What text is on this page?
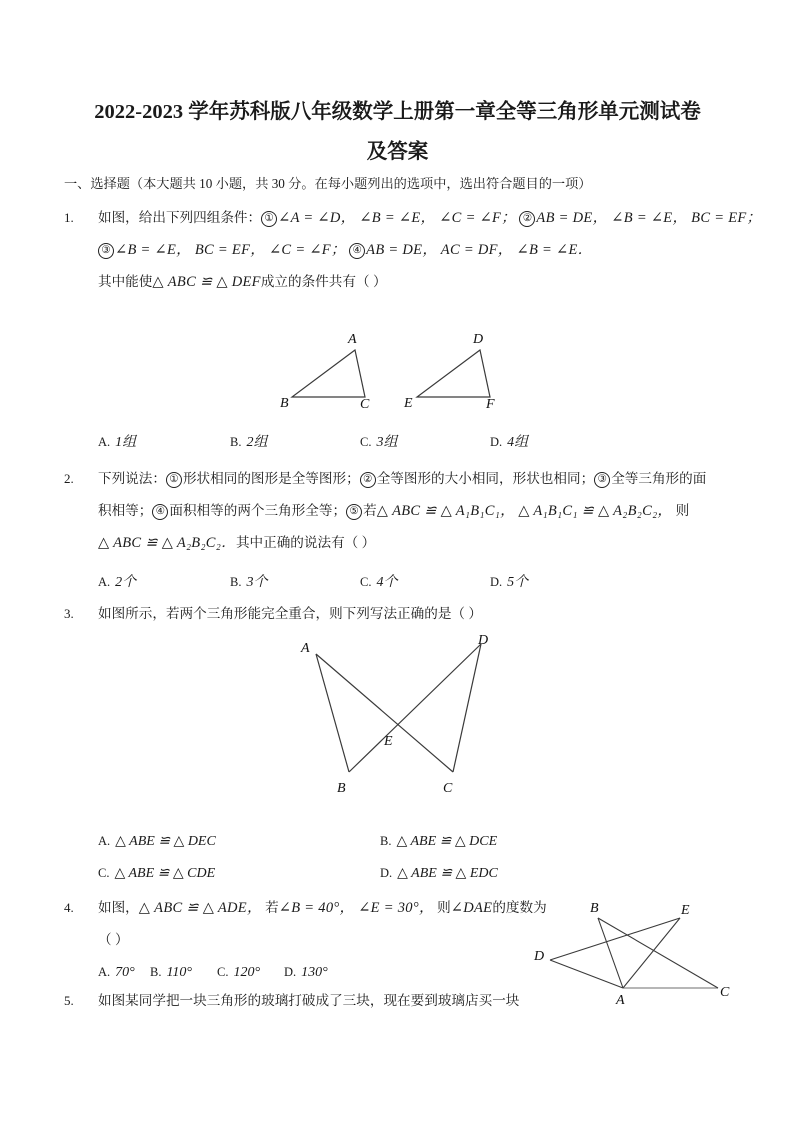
2022-2023 学年苏科版八年级数学上册第一章全等三角形单元测试卷
及答案
一、选择题（本大题共 10 小题，共 30 分。在每小题列出的选项中，选出符合题目的一项）
1. 如图，给出下列四组条件： ① ∠A = ∠D， ∠B = ∠E， ∠C = ∠F； ② AB = DE， ∠B = ∠E， BC = EF；
③ ∠B = ∠E， BC = EF， ∠C = ∠F； ④ AB = DE， AC = DF， ∠B = ∠E．
其中能使△ ABC ≌ △ DEF成立的条件共有（ ）
A
B	C
D
E	F
A. 1组	B. 2组	C. 3组	D. 4组
2. 下列说法： ① 形状相同的图形是全等图形； ② 全等图形的大小相同，形状也相同； ③ 全等三角形的面
积相等； ④ 面积相等的两个三角形全等； ⑤ 若△ ABC ≌ △ A₁B₁C₁， △ A₁B₁C₁ ≌ △ A₂B₂C₂， 则
△ ABC ≌ △ A₂B₂C₂．其中正确的说法有（ ）
A. 2个	B. 3个	C. 4个	D. 5个
3. 如图所示，若两个三角形能完全重合，则下列写法正确的是（ ）
A
D
B	C
E
A. △ ABE ≌ △ DEC	B. △ ABE ≌ △ DCE
C. △ ABE ≌ △ CDE	D. △ ABE ≌ △ EDC
4. 如图，△ ABC ≌ △ ADE， 若∠B = 40°， ∠E = 30°， 则∠DAE的度数为
（ ）
B	E
D
A
C
A. 70° B. 110° C. 120° D. 130°
5. 如图某同学把一块三角形的玻璃打破成了三块，现在要到玻璃店买一块
